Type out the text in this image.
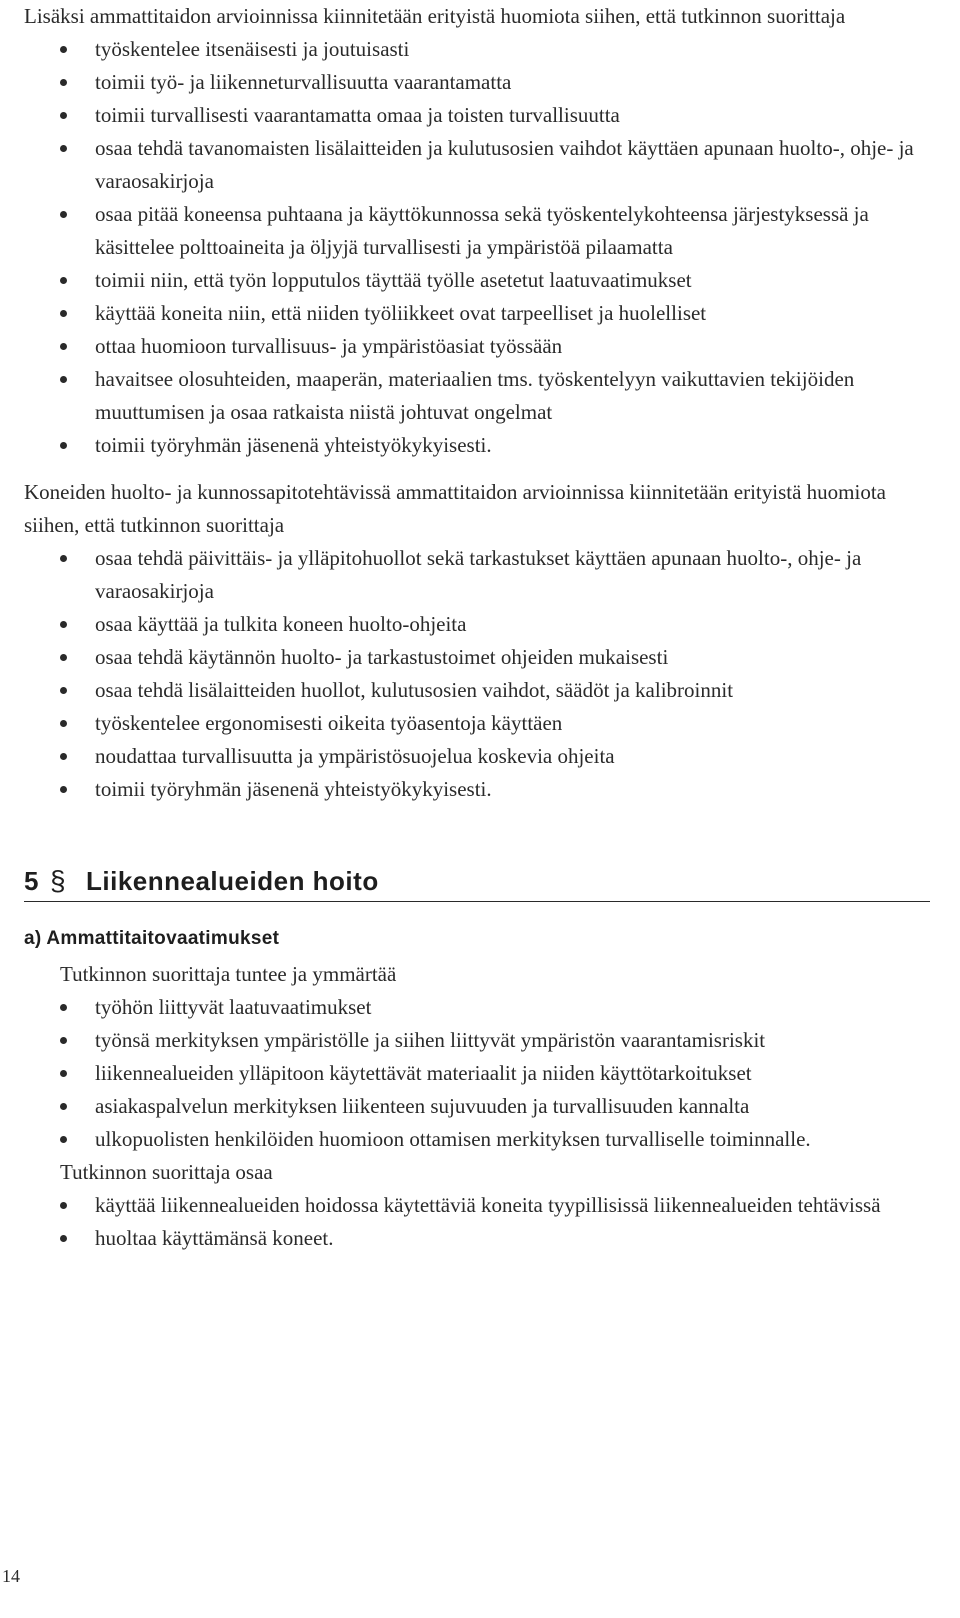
Lisäksi ammattitaidon arvioinnissa kiinnitetään erityistä huomiota siihen, että tutkinnon suorittaja

työskentelee itsenäisesti ja joutuisasti
toimii työ- ja liikenneturvallisuutta vaarantamatta
toimii turvallisesti vaarantamatta omaa ja toisten turvallisuutta
osaa tehdä tavanomaisten lisälaitteiden ja kulutusosien vaihdot käyttäen apunaan huolto-, ohje- ja varaosakirjoja
osaa pitää koneensa puhtaana ja käyttökunnossa sekä työskentelykohteensa järjestyksessä ja käsittelee polttoaineita ja öljyjä turvallisesti ja ympäristöä pilaamatta
toimii niin, että työn lopputulos täyttää työlle asetetut laatuvaatimukset
käyttää koneita niin, että niiden työliikkeet ovat tarpeelliset ja huolelliset
ottaa huomioon turvallisuus- ja ympäristöasiat työssään
havaitsee olosuhteiden, maaperän, materiaalien tms. työskentelyyn vaikuttavien tekijöiden muuttumisen ja osaa ratkaista niistä johtuvat ongelmat
toimii työryhmän jäsenenä yhteistyökykyisesti.

Koneiden huolto- ja kunnossapitotehtävissä ammattitaidon arvioinnissa kiinnitetään erityistä huomiota siihen, että tutkinnon suorittaja

osaa tehdä päivittäis- ja ylläpitohuollot sekä tarkastukset käyttäen apunaan huolto-, ohje- ja varaosakirjoja
osaa käyttää ja tulkita koneen huolto-ohjeita
osaa tehdä käytännön huolto- ja tarkastustoimet ohjeiden mukaisesti
osaa tehdä lisälaitteiden huollot, kulutusosien vaihdot, säädöt ja kalibroinnit
työskentelee ergonomisesti oikeita työasentoja käyttäen
noudattaa turvallisuutta ja ympäristösuojelua koskevia ohjeita
toimii työryhmän jäsenenä yhteistyökykyisesti.
5 § Liikennealueiden hoito
a) Ammattitaitovaatimukset

Tutkinnon suorittaja tuntee ja ymmärtää

työhön liittyvät laatuvaatimukset
työnsä merkityksen ympäristölle ja siihen liittyvät ympäristön vaarantamisriskit
liikennealueiden ylläpitoon käytettävät materiaalit ja niiden käyttötarkoitukset
asiakaspalvelun merkityksen liikenteen sujuvuuden ja turvallisuuden kannalta
ulkopuolisten henkilöiden huomioon ottamisen merkityksen turvalliselle toiminnalle.

Tutkinnon suorittaja osaa

käyttää liikennealueiden hoidossa käytettäviä koneita tyypillisissä liikennealueiden tehtävissä
huoltaa käyttämänsä koneet.
14
